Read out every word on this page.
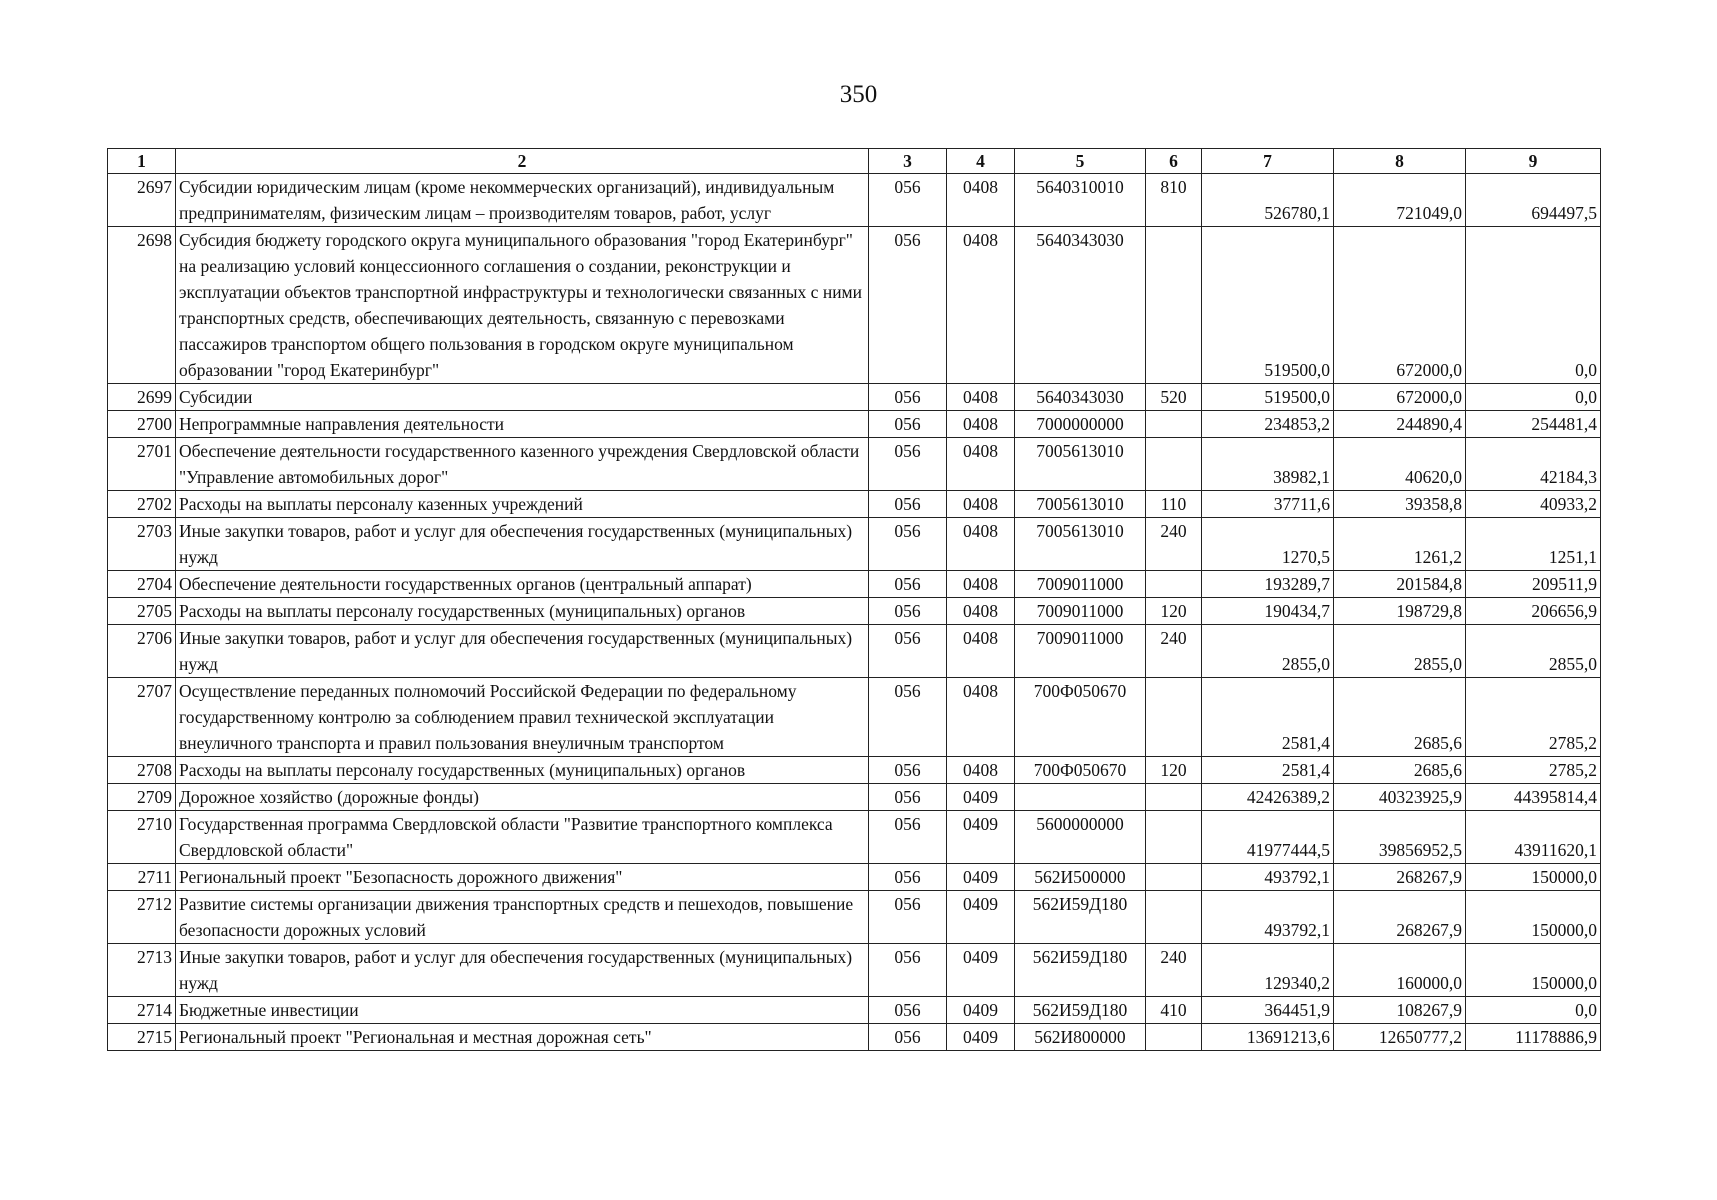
350
1	2	3	4	5	6	7	8	9
2697	Субсидии юридическим лицам (кроме некоммерческих организаций), индивидуальным предпринимателям, физическим лицам – производителям товаров, работ, услуг	056	0408	5640310010	810	526780,1	721049,0	694497,5
2698	Субсидия бюджету городского округа муниципального образования "город Екатеринбург" на реализацию условий концессионного соглашения о создании, реконструкции и эксплуатации объектов транспортной инфраструктуры и технологически связанных с ними транспортных средств, обеспечивающих деятельность, связанную с перевозками пассажиров транспортом общего пользования в городском округе муниципальном образовании "город Екатеринбург"	056	0408	5640343030		519500,0	672000,0	0,0
2699	Субсидии	056	0408	5640343030	520	519500,0	672000,0	0,0
2700	Непрограммные направления деятельности	056	0408	7000000000		234853,2	244890,4	254481,4
2701	Обеспечение деятельности государственного казенного учреждения Свердловской области "Управление автомобильных дорог"	056	0408	7005613010		38982,1	40620,0	42184,3
2702	Расходы на выплаты персоналу казенных учреждений	056	0408	7005613010	110	37711,6	39358,8	40933,2
2703	Иные закупки товаров, работ и услуг для обеспечения государственных (муниципальных) нужд	056	0408	7005613010	240	1270,5	1261,2	1251,1
2704	Обеспечение деятельности государственных органов (центральный аппарат)	056	0408	7009011000		193289,7	201584,8	209511,9
2705	Расходы на выплаты персоналу государственных (муниципальных) органов	056	0408	7009011000	120	190434,7	198729,8	206656,9
2706	Иные закупки товаров, работ и услуг для обеспечения государственных (муниципальных) нужд	056	0408	7009011000	240	2855,0	2855,0	2855,0
2707	Осуществление переданных полномочий Российской Федерации по федеральному государственному контролю за соблюдением правил технической эксплуатации внеуличного транспорта и правил пользования внеуличным транспортом	056	0408	700Ф050670		2581,4	2685,6	2785,2
2708	Расходы на выплаты персоналу государственных (муниципальных) органов	056	0408	700Ф050670	120	2581,4	2685,6	2785,2
2709	Дорожное хозяйство (дорожные фонды)	056	0409			42426389,2	40323925,9	44395814,4
2710	Государственная программа Свердловской области "Развитие транспортного комплекса Свердловской области"	056	0409	5600000000		41977444,5	39856952,5	43911620,1
2711	Региональный проект "Безопасность дорожного движения"	056	0409	562И500000		493792,1	268267,9	150000,0
2712	Развитие системы организации движения транспортных средств и пешеходов, повышение безопасности дорожных условий	056	0409	562И59Д180		493792,1	268267,9	150000,0
2713	Иные закупки товаров, работ и услуг для обеспечения государственных (муниципальных) нужд	056	0409	562И59Д180	240	129340,2	160000,0	150000,0
2714	Бюджетные инвестиции	056	0409	562И59Д180	410	364451,9	108267,9	0,0
2715	Региональный проект "Региональная и местная дорожная сеть"	056	0409	562И800000		13691213,6	12650777,2	11178886,9
